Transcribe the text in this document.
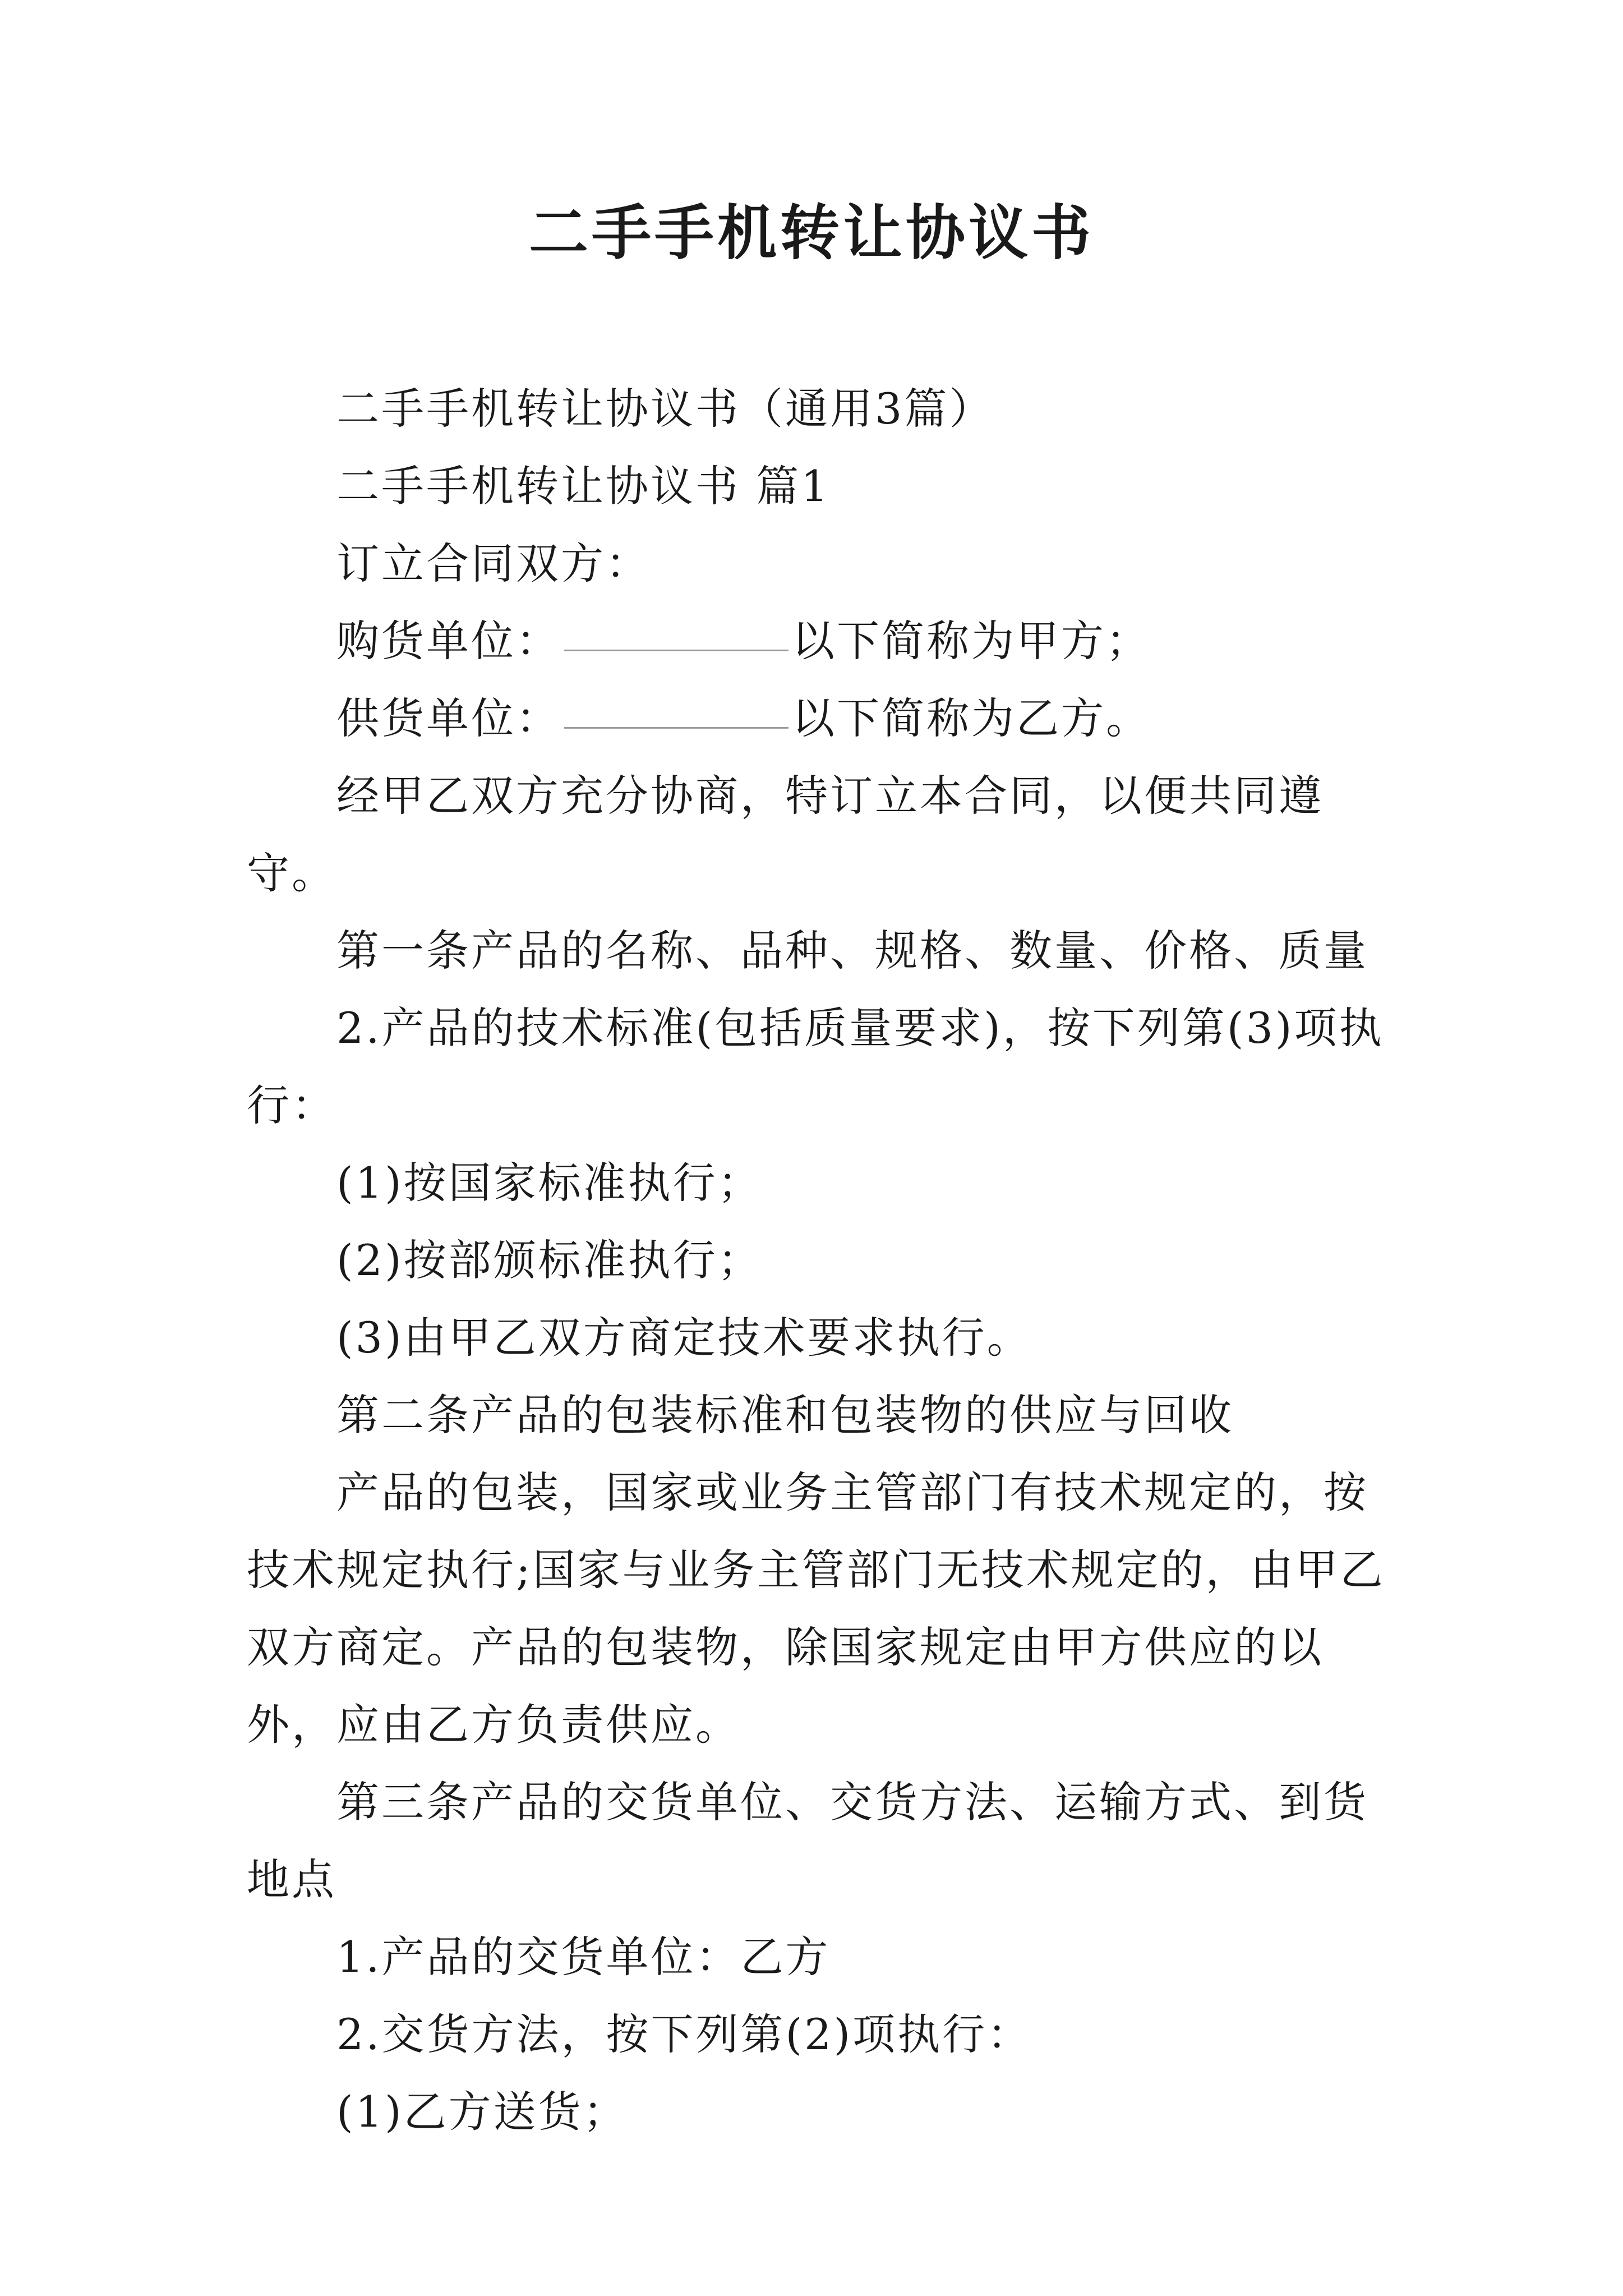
二手手机转让协议书

二手手机转让协议书（通用3篇）

二手手机转让协议书 篇1

订立合同双方：

购货单位：	以下简称为甲方；

供货单位：	以下简称为乙方。

经甲乙双方充分协商，特订立本合同，以便共同遵守。

第一条产品的名称、品种、规格、数量、价格、质量

2.产品的技术标准(包括质量要求)，按下列第(3)项执行：

(1)按国家标准执行；

(2)按部颁标准执行；

(3)由甲乙双方商定技术要求执行。

第二条产品的包装标准和包装物的供应与回收

产品的包装，国家或业务主管部门有技术规定的，按技术规定执行;国家与业务主管部门无技术规定的，由甲乙双方商定。产品的包装物，除国家规定由甲方供应的以外，应由乙方负责供应。

第三条产品的交货单位、交货方法、运输方式、到货地点

1.产品的交货单位：乙方

2.交货方法，按下列第(2)项执行：

(1)乙方送货；
